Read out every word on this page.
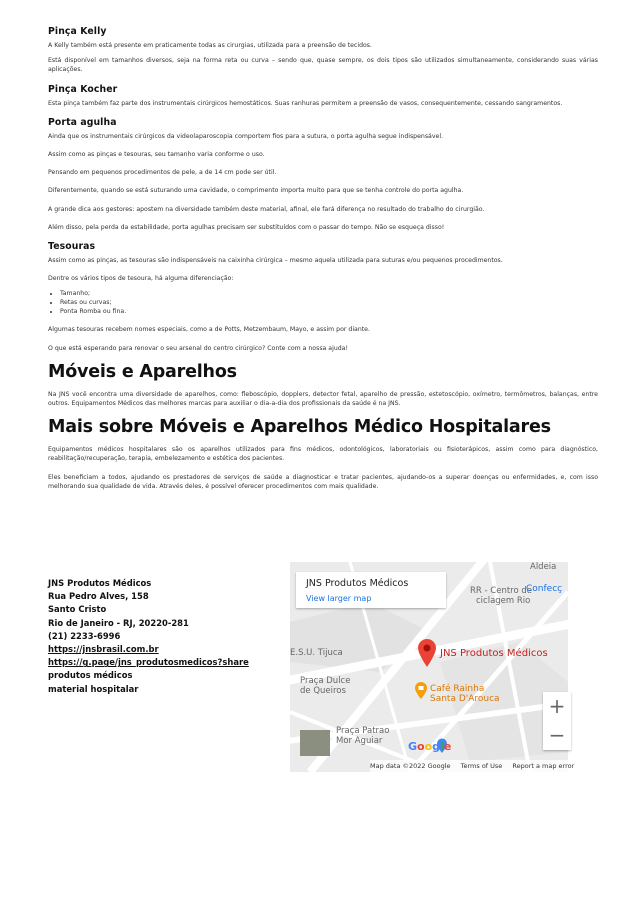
Pinça Kelly

A Kelly também está presente em praticamente todas as cirurgias, utilizada para a preensão de tecidos.

Está disponível em tamanhos diversos, seja na forma reta ou curva – sendo que, quase sempre, os dois tipos são utilizados simultaneamente, considerando suas várias aplicações.

Pinça Kocher

Esta pinça também faz parte dos instrumentais cirúrgicos hemostáticos. Suas ranhuras permitem a preensão de vasos, consequentemente, cessando sangramentos.

Porta agulha

Ainda que os instrumentais cirúrgicos da videolaparoscopia comportem fios para a sutura, o porta agulha segue indispensável.

Assim como as pinças e tesouras, seu tamanho varia conforme o uso.

Pensando em pequenos procedimentos de pele, a de 14 cm pode ser útil.

Diferentemente, quando se está suturando uma cavidade, o comprimento importa muito para que se tenha controle do porta agulha.

A grande dica aos gestores: apostem na diversidade também deste material, afinal, ele fará diferença no resultado do trabalho do cirurgião.

Além disso, pela perda da estabilidade, porta agulhas precisam ser substituídos com o passar do tempo. Não se esqueça disso!

Tesouras

Assim como as pinças, as tesouras são indispensáveis na caixinha cirúrgica – mesmo aquela utilizada para suturas e/ou pequenos procedimentos.

Dentre os vários tipos de tesoura, há alguma diferenciação:

• Tamanho;
• Retas ou curvas;
• Ponta Romba ou fina.

Algumas tesouras recebem nomes especiais, como a de Potts, Metzembaum, Mayo, e assim por diante.

O que está esperando para renovar o seu arsenal do centro cirúrgico? Conte com a nossa ajuda!

Móveis e Aparelhos

Na JNS você encontra uma diversidade de aparelhos, como: fleboscópio, dopplers, detector fetal, aparelho de pressão, estetoscópio, oxímetro, termômetros, balanças, entre outros. Equipamentos Médicos das melhores marcas para auxiliar o dia-a-dia dos profissionais da saúde é na JNS.

Mais sobre Móveis e Aparelhos Médico Hospitalares

Equipamentos médicos hospitalares são os aparelhos utilizados para fins médicos, odontológicos, laboratoriais ou fisioterápicos, assim como para diagnóstico, reabilitação/recuperação, terapia, embelezamento e estética dos pacientes.

Eles beneficiam a todos, ajudando os prestadores de serviços de saúde a diagnosticar e tratar pacientes, ajudando-os a superar doenças ou enfermidades, e, com isso melhorando sua qualidade de vida. Através deles, é possível oferecer procedimentos com mais qualidade.

JNS Produtos Médicos
Rua Pedro Alves, 158
Santo Cristo
Rio de Janeiro - RJ, 20220-281
(21) 2233-6996
https://jnsbrasil.com.br
https://g.page/jns_produtosmedicos?share
produtos médicos
material hospitalar
JNS Produtos Médicos
View larger map
RR - Centro de
ciclagem Rio
Confecç
Aldeia
E.S.U. Tijuca
Praça Dulce
de Queiros
Praça Patrao
Mor Aguiar
JNS Produtos Médicos
Café Rainha
Santa D'Arouca +
−
Google
Map data ©2022 Google Terms of Use Report a map error
